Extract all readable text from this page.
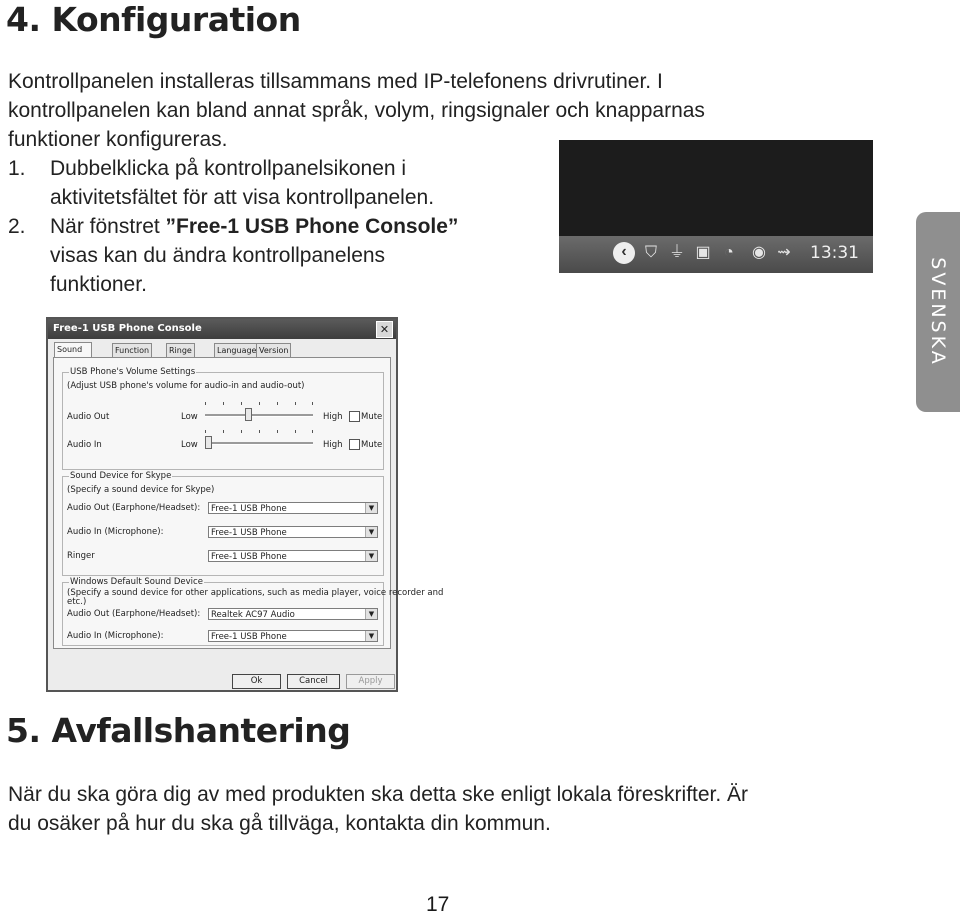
4. Konfiguration
Kontrollpanelen installeras tillsammans med IP-telefonens drivrutiner. I
kontrollpanelen kan bland annat språk, volym, ringsignaler och knapparnas
funktioner konfigureras.
1. Dubbelklicka på kontrollpanelsikonen i
aktivitetsfältet för att visa kontrollpanelen.
2. När fönstret ”Free-1 USB Phone Console”
visas kan du ändra kontrollpanelens
funktioner.
‹	⛉ ⏚ ▣ ◔	◉ ⇝ 13:31
SVENSKA
Free-1 USB Phone Console	✕
Sound	Function	Ringe	Language Version
USB Phone's Volume Settings
(Adjust USB phone's volume for audio-in and audio-out)
Audio Out	Low	High Mute
Audio In	Low	High Mute
Sound Device for Skype
(Specify a sound device for Skype)
Audio Out (Earphone/Headset):	Free-1 USB Phone	▼
Audio In (Microphone):	Free-1 USB Phone	▼
Ringer	Free-1 USB Phone	▼
Windows Default Sound Device
(Specify a sound device for other applications, such as media player, voice recorder and
etc.)
Audio Out (Earphone/Headset):	Realtek AC97 Audio	▼
Audio In (Microphone):	Free-1 USB Phone	▼
Ok	Cancel	Apply
5. Avfallshantering
När du ska göra dig av med produkten ska detta ske enligt lokala föreskrifter. Är
du osäker på hur du ska gå tillväga, kontakta din kommun.
17
